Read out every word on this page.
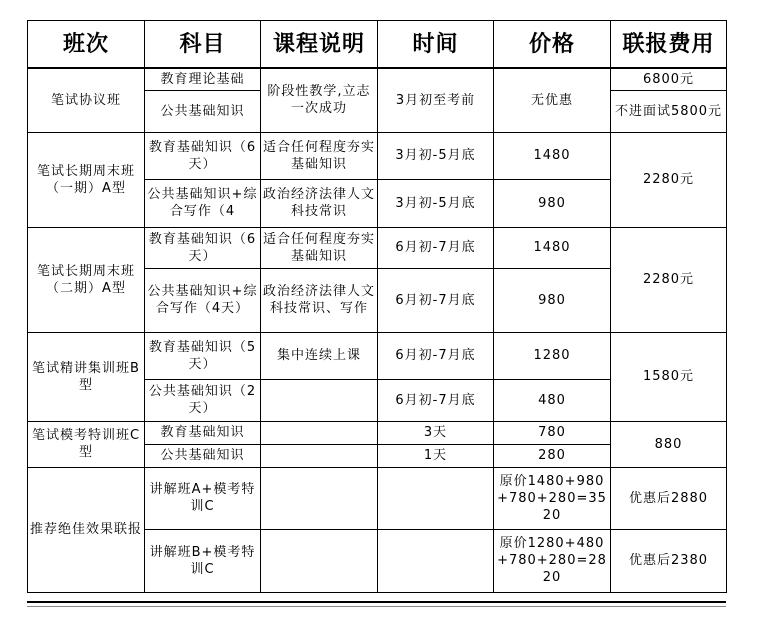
班次	科目	课程说明	时间	价格	联报费用
笔试协议班	教育理论基础	阶段性教学,立志一次成功	3月初至考前	无优惠	6800元
	公共基础知识				不进面试5800元
笔试长期周末班（一期）A型	教育基础知识（6天）	适合任何程度夯实基础知识	3月初-5月底	1480	2280元
	公共基础知识+综合写作（4	政治经济法律人文科技常识	3月初-5月底	980	
笔试长期周末班（二期）A型	教育基础知识（6天）	适合任何程度夯实基础知识	6月初-7月底	1480	2280元
	公共基础知识+综合写作（4天）	政治经济法律人文科技常识、写作	6月初-7月底	980	
笔试精讲集训班B型	教育基础知识（5天）	集中连续上课	6月初-7月底	1280	1580元
	公共基础知识（2天）		6月初-7月底	480	
笔试模考特训班C型	教育基础知识		3天	780	880
	公共基础知识		1天	280	
推荐绝佳效果联报	讲解班A+模考特训C			原价1480+980+780+280=3520	优惠后2880
	讲解班B+模考特训C			原价1280+480+780+280=2820	优惠后2380
